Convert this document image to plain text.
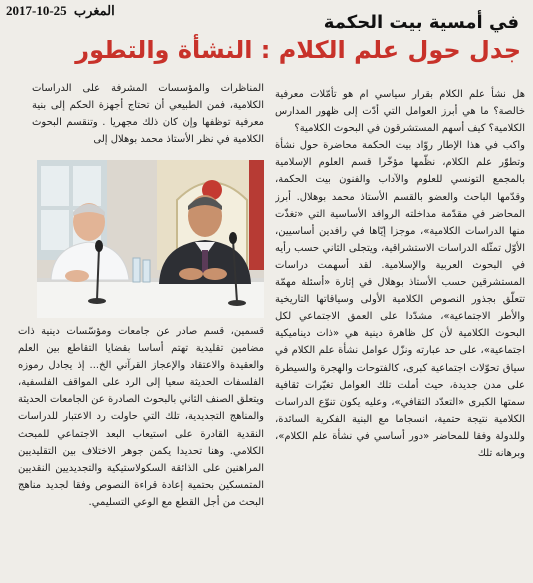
2017-10-25 المغرب
في أمسية بيت الحكمة
جدل حول علم الكلام : النشأة والتطور

هل نشأ علم الكلام بقرار سياسي ام هو تأمّلات معرفية خالصة؟ ما هي أبرز العوامل التي أدّت إلى ظهور المدارس الكلامية؟ كيف أسهم المستشرقون في البحوث الكلامية؟

واكب في هذا الإطار روّاد بيت الحكمة محاضرة حول نشأة وتطوّر علم الكلام، نظّمها مؤخّرا قسم العلوم الإسلامية بالمجمع التونسي للعلوم والآداب والفنون بيت الحكمة، وقدّمها الباحث والعضو بالقسم الأستاذ محمد بوهلال. أبرز المحاضر في مقدّمة مداخلته الروافد الأساسية التي «تغذّت منها الدراسات الكلامية»، موجزا إيّاها في رافدين أساسيين، الأوّل تمثّله الدراسات الاستشراقية، ويتجلى الثاني حسب رأيه في البحوث العربية والإسلامية. لقد أسهمت دراسات المستشرقين حسب الأستاذ بوهلال في إثارة «أسئلة مهمّة تتعلّق بجذور النصوص الكلامية الأولى وسياقاتها التاريخية والأطر الاجتماعية»، مشدّدا على العمق الاجتماعي لكل البحوث الكلامية لأن كل ظاهرة دينية هي «ذات ديناميكية اجتماعية»، على حد عبارته ونزّل عوامل نشأة علم الكلام في سياق تحوّلات اجتماعية كبرى، كالفتوحات والهجرة والسيطرة على مدن جديدة، حيث أملت تلك العوامل تغيّرات ثقافية سمتها الكبرى «التعدّد الثقافي»، وعليه يكون تنوّع الدراسات الكلامية نتيجة حتمية، انسجاما مع البنية الفكرية السائدة، وللدولة وفقا للمحاضر «دور أساسي في نشأة علم الكلام»، وبرهانه تلك

المناظرات والمؤسسات المشرفة على الدراسات الكلامية، فمن الطبيعي أن تحتاج أجهزة الحكم إلى بنية معرفية توظفها وإن كان ذلك مجهريا . وتنقسم البحوث الكلامية في نظر الأستاذ محمد بوهلال إلى

قسمين، قسم صادر عن جامعات ومؤسّسات دينية ذات مضامين تقليدية تهتم أساسا بقضايا التقاطع بين العلم والعقيدة والاعتقاد والإعجاز القرآني الخ... إذ يجادل رموزه الفلسفات الحديثة سعيا إلى الرد على المواقف الفلسفية، ويتعلق الصنف الثاني بالبحوث الصادرة عن الجامعات الحديثة والمناهج التجديدية، تلك التي حاولت رد الاعتبار للدراسات النقدية القادرة على استيعاب البعد الاجتماعي للمبحث الكلامي. وهنا تحديدا يكمن جوهر الاختلاف بين التقليديين المراهنين على الذائقة السكولاستيكية والتجديديين النقديين المتمسكين بحتمية إعادة قراءة النصوص وفقا لجديد مناهج البحث من أجل القطع مع الوعي التسليمي.
